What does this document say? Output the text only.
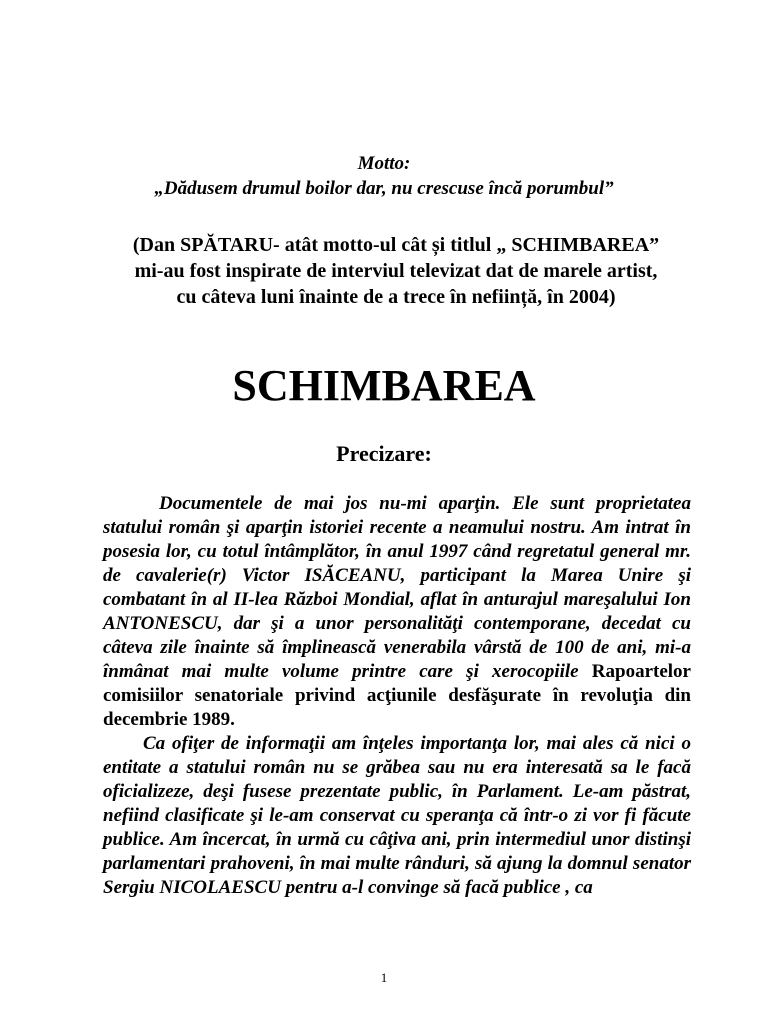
Motto:
„Dădusem drumul boilor dar, nu crescuse încă porumbul”

(Dan SPĂTARU- atât motto-ul cât și titlul „ SCHIMBAREA”

mi-au fost inspirate de interviul televizat dat de marele artist,

cu câteva luni înainte de a trece în neființă, în 2004)

SCHIMBAREA
Precizare:

Documentele de mai jos nu-mi aparţin. Ele sunt proprietatea statului român şi aparţin istoriei recente a neamului nostru. Am intrat în posesia lor, cu totul întâmplător, în anul 1997 când regretatul general mr. de cavalerie(r) Victor ISĂCEANU, participant la Marea Unire şi combatant în al II-lea Război Mondial, aflat în anturajul mareşalului Ion ANTONESCU, dar şi a unor personalităţi contemporane, decedat cu câteva zile înainte să împlinească venerabila vârstă de 100 de ani, mi-a înmânat mai multe volume printre care şi xerocopiile Rapoartelor comisiilor senatoriale privind acţiunile desfăşurate în revoluţia din decembrie 1989.

Ca ofiţer de informaţii am înţeles importanţa lor, mai ales că nici o entitate a statului român nu se grăbea sau nu era interesată sa le facă oficializeze, deşi fusese prezentate public, în Parlament. Le-am păstrat, nefiind clasificate şi le-am conservat cu speranţa că într-o zi vor fi făcute publice. Am încercat, în urmă cu câţiva ani, prin intermediul unor distinşi parlamentari prahoveni, în mai multe rânduri, să ajung la domnul senator Sergiu NICOLAESCU pentru a-l convinge să facă publice , ca

1
